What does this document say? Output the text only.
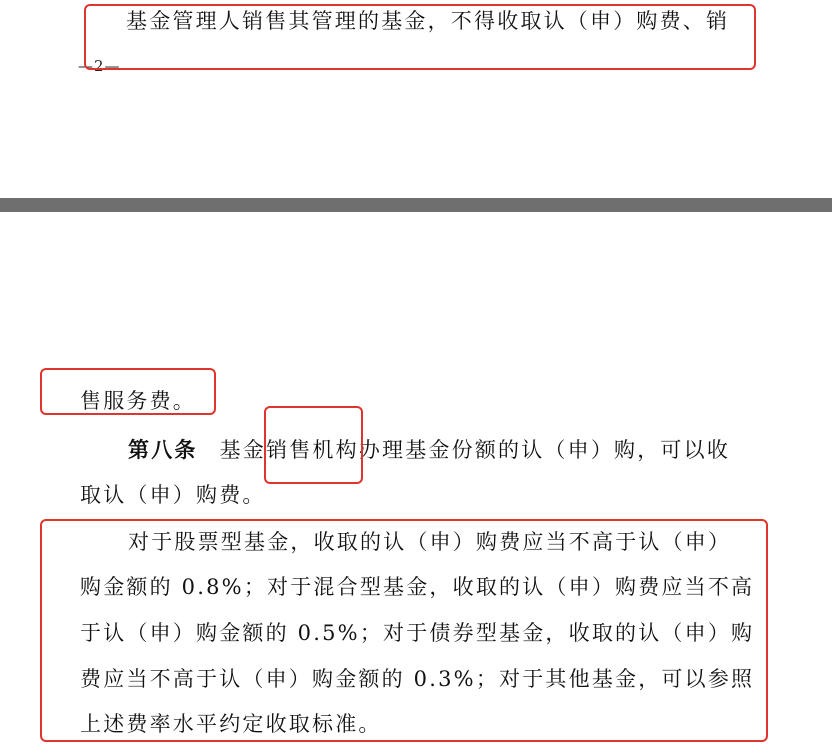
基金管理人销售其管理的基金，不得收取认（申）购费、销
—2—
售服务费。
第八条 基金销售机构办理基金份额的认（申）购，可以收
取认（申）购费。
对于股票型基金，收取的认（申）购费应当不高于认（申）
购金额的 0.8%；对于混合型基金，收取的认（申）购费应当不高
于认（申）购金额的 0.5%；对于债券型基金，收取的认（申）购
费应当不高于认（申）购金额的 0.3%；对于其他基金，可以参照
上述费率水平约定收取标准。
